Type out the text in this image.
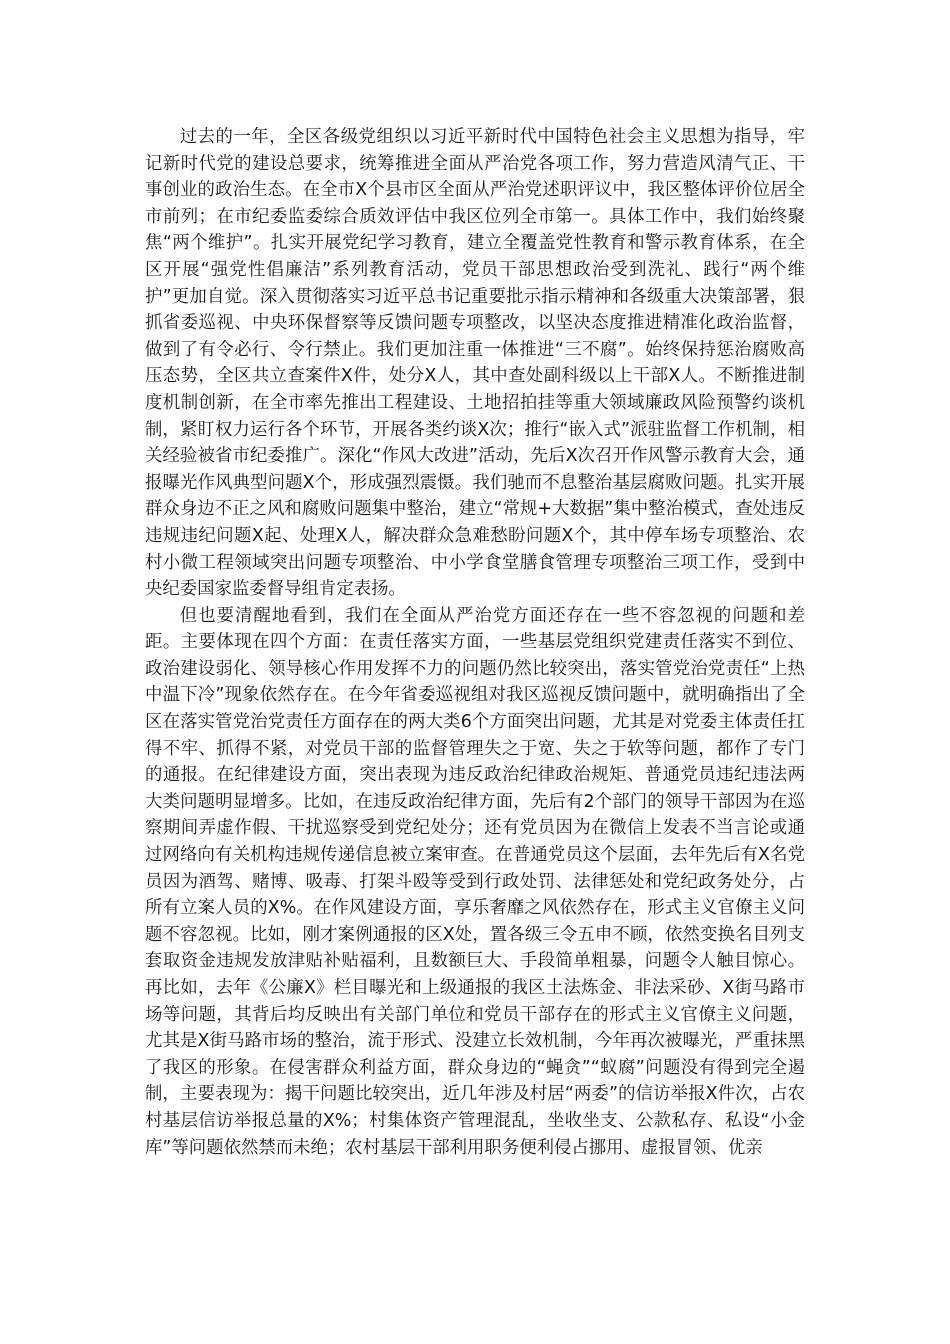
过去的一年，全区各级党组织以习近平新时代中国特色社会主义思想为指导，牢记新时代党的建设总要求，统筹推进全面从严治党各项工作，努力营造风清气正、干事创业的政治生态。在全市X个县市区全面从严治党述职评议中，我区整体评价位居全市前列；在市纪委监委综合质效评估中我区位列全市第一。具体工作中，我们始终聚焦“两个维护”。扎实开展党纪学习教育，建立全覆盖党性教育和警示教育体系，在全区开展“强党性倡廉洁”系列教育活动，党员干部思想政治受到洗礼、践行“两个维护”更加自觉。深入贯彻落实习近平总书记重要批示指示精神和各级重大决策部署，狠抓省委巡视、中央环保督察等反馈问题专项整改，以坚决态度推进精准化政治监督，做到了有令必行、令行禁止。我们更加注重一体推进“三不腐”。始终保持惩治腐败高压态势，全区共立查案件X件，处分X人，其中查处副科级以上干部X人。不断推进制度机制创新，在全市率先推出工程建设、土地招拍挂等重大领域廉政风险预警约谈机制，紧盯权力运行各个环节，开展各类约谈X次；推行“嵌入式”派驻监督工作机制，相关经验被省市纪委推广。深化“作风大改进”活动，先后X次召开作风警示教育大会，通报曝光作风典型问题X个，形成强烈震慑。我们驰而不息整治基层腐败问题。扎实开展群众身边不正之风和腐败问题集中整治，建立“常规+大数据”集中整治模式，查处违反违规违纪问题X起、处理X人，解决群众急难愁盼问题X个，其中停车场专项整治、农村小微工程领域突出问题专项整治、中小学食堂膳食管理专项整治三项工作，受到中央纪委国家监委督导组肯定表扬。

但也要清醒地看到，我们在全面从严治党方面还存在一些不容忽视的问题和差距。主要体现在四个方面：在责任落实方面，一些基层党组织党建责任落实不到位、政治建设弱化、领导核心作用发挥不力的问题仍然比较突出，落实管党治党责任“上热中温下冷”现象依然存在。在今年省委巡视组对我区巡视反馈问题中，就明确指出了全区在落实管党治党责任方面存在的两大类6个方面突出问题，尤其是对党委主体责任扛得不牢、抓得不紧，对党员干部的监督管理失之于宽、失之于软等问题，都作了专门的通报。在纪律建设方面，突出表现为违反政治纪律政治规矩、普通党员违纪违法两大类问题明显增多。比如，在违反政治纪律方面，先后有2个部门的领导干部因为在巡察期间弄虚作假、干扰巡察受到党纪处分；还有党员因为在微信上发表不当言论或通过网络向有关机构违规传递信息被立案审查。在普通党员这个层面，去年先后有X名党员因为酒驾、赌博、吸毒、打架斗殴等受到行政处罚、法律惩处和党纪政务处分，占所有立案人员的X%。在作风建设方面，享乐奢靡之风依然存在，形式主义官僚主义问题不容忽视。比如，刚才案例通报的区X处，置各级三令五申不顾，依然变换名目列支套取资金违规发放津贴补贴福利，且数额巨大、手段简单粗暴，问题令人触目惊心。再比如，去年《公廉X》栏目曝光和上级通报的我区土法炼金、非法采砂、X街马路市场等问题，其背后均反映出有关部门单位和党员干部存在的形式主义官僚主义问题，尤其是X街马路市场的整治，流于形式、没建立长效机制，今年再次被曝光，严重抹黑了我区的形象。在侵害群众利益方面，群众身边的“蝇贪”“蚁腐”问题没有得到完全遏制，主要表现为：揭干问题比较突出，近几年涉及村居“两委”的信访举报X件次，占农村基层信访举报总量的X%；村集体资产管理混乱，坐收坐支、公款私存、私设“小金库”等问题依然禁而未绝；农村基层干部利用职务便利侵占挪用、虚报冒领、优亲
